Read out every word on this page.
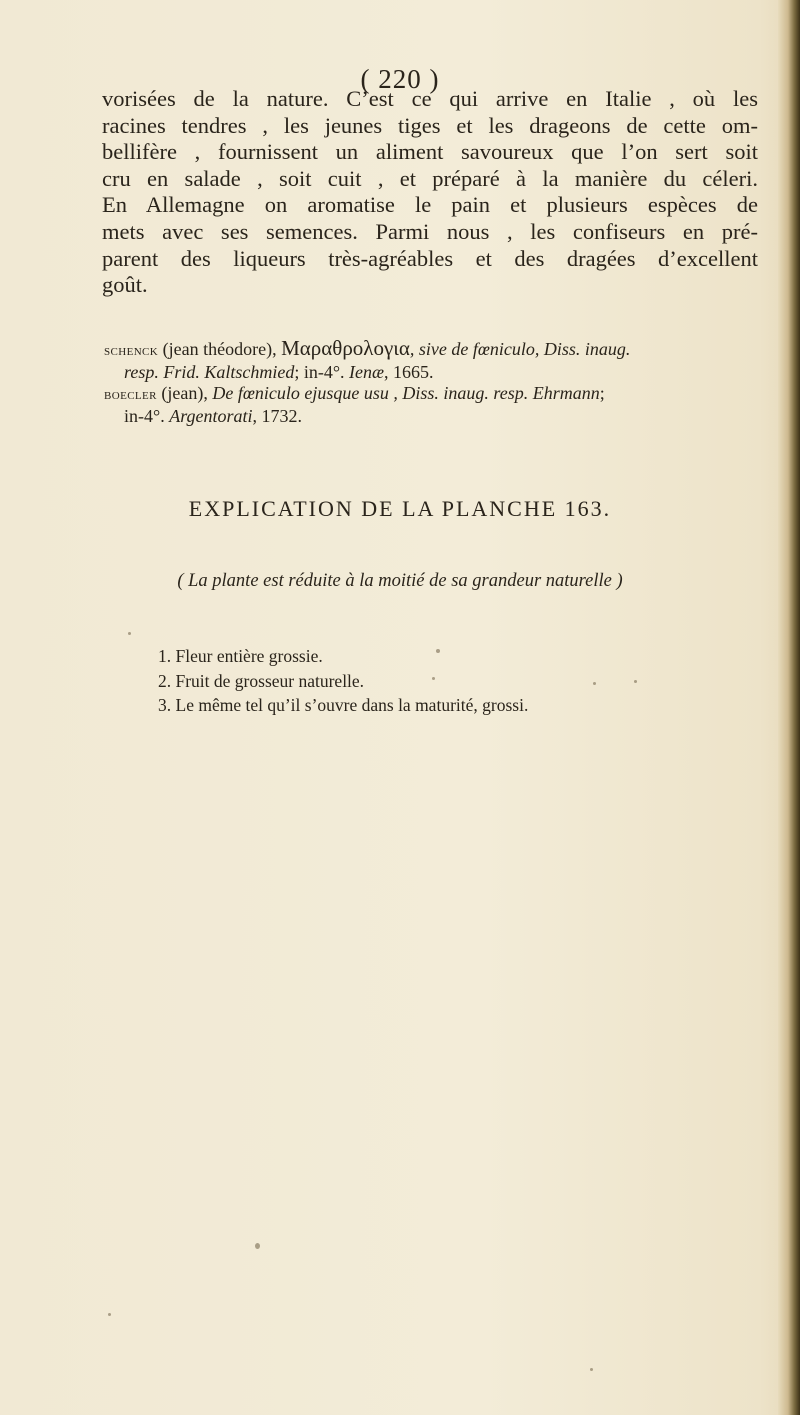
( 220 )
vorisées de la nature. C’est ce qui arrive en Italie , où les
racines tendres , les jeunes tiges et les drageons de cette om-
bellifère , fournissent un aliment savoureux que l’on sert soit
cru en salade , soit cuit , et préparé à la manière du céleri.
En Allemagne on aromatise le pain et plusieurs espèces de
mets avec ses semences. Parmi nous , les confiseurs en pré-
parent des liqueurs très-agréables et des dragées d’excellent
goût.
schenck (jean théodore), Μαραθρολογια, sive de fœniculo, Diss. inaug.
resp. Frid. Kaltschmied; in-4°. Ienæ, 1665.
boecler (jean), De fœniculo ejusque usu , Diss. inaug. resp. Ehrmann;
in-4°. Argentorati, 1732.
EXPLICATION DE LA PLANCHE 163.
( La plante est réduite à la moitié de sa grandeur naturelle )
1. Fleur entière grossie.
2. Fruit de grosseur naturelle.
3. Le même tel qu’il s’ouvre dans la maturité, grossi.
